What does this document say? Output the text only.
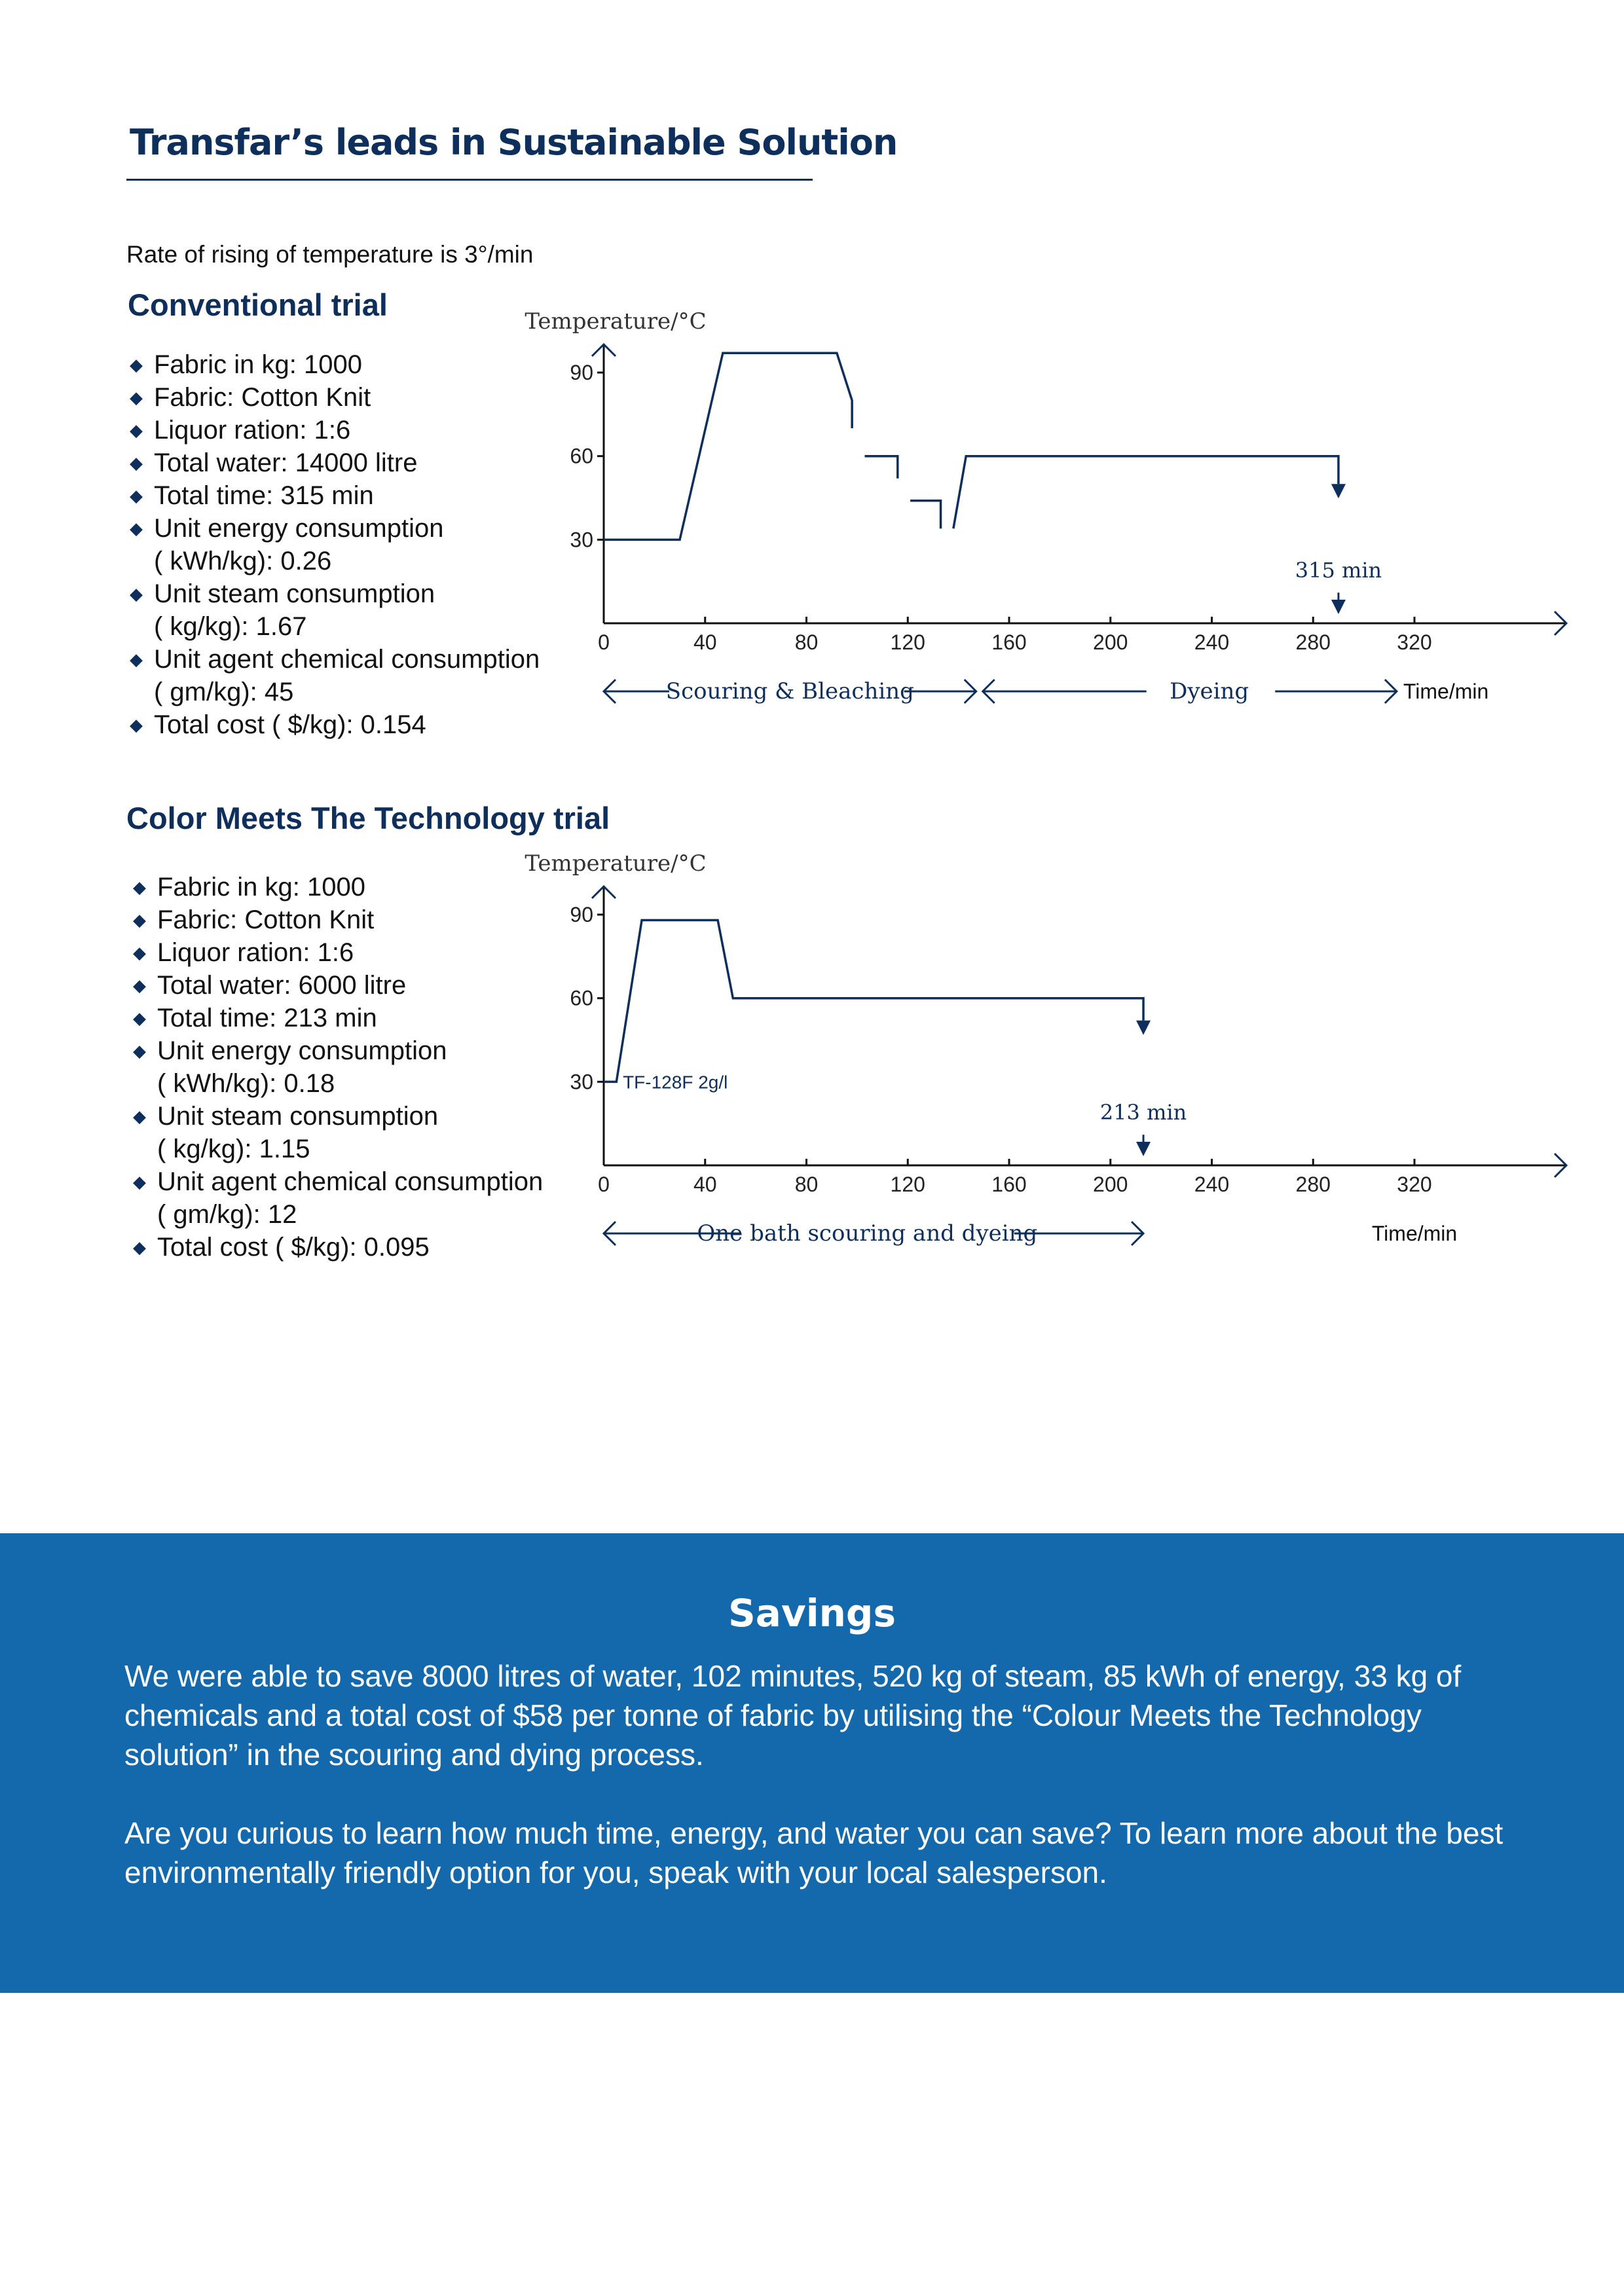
Transfar’s leads in Sustainable Solution
Rate of rising of temperature is 3°/min
Conventional trial
◆ Fabric in kg: 1000
◆ Fabric: Cotton Knit
◆ Liquor ration: 1:6
◆ Total water: 14000 litre
◆ Total time: 315 min
◆ Unit energy consumption
( kWh/kg): 0.26
◆ Unit steam consumption
( kg/kg): 1.67
◆ Unit agent chemical consumption
( gm/kg): 45
◆ Total cost ( $/kg): 0.154
Temperature/°C
30
60
90
0	40	80	120	160	200	240	280	320
315 min
Scouring & Bleaching	Dyeing	Time/min
Color Meets The Technology trial
◆ Fabric in kg: 1000
◆ Fabric: Cotton Knit
◆ Liquor ration: 1:6
◆ Total water: 6000 litre
◆ Total time: 213 min
◆ Unit energy consumption
( kWh/kg): 0.18
◆ Unit steam consumption
( kg/kg): 1.15
◆ Unit agent chemical consumption
( gm/kg): 12
◆ Total cost ( $/kg): 0.095
Temperature/°C
30
60
90
0	40	80	120	160	200	240	280	320
213 min
TF-128F 2g/l
One bath scouring and dyeing	Time/min
Savings

We were able to save 8000 litres of water, 102 minutes, 520 kg of steam, 85 kWh of energy, 33 kg of chemicals and a total cost of $58 per tonne of fabric by utilising the “Colour Meets the Technology solution” in the scouring and dying process.

Are you curious to learn how much time, energy, and water you can save? To learn more about the best environmentally friendly option for you, speak with your local salesperson.
